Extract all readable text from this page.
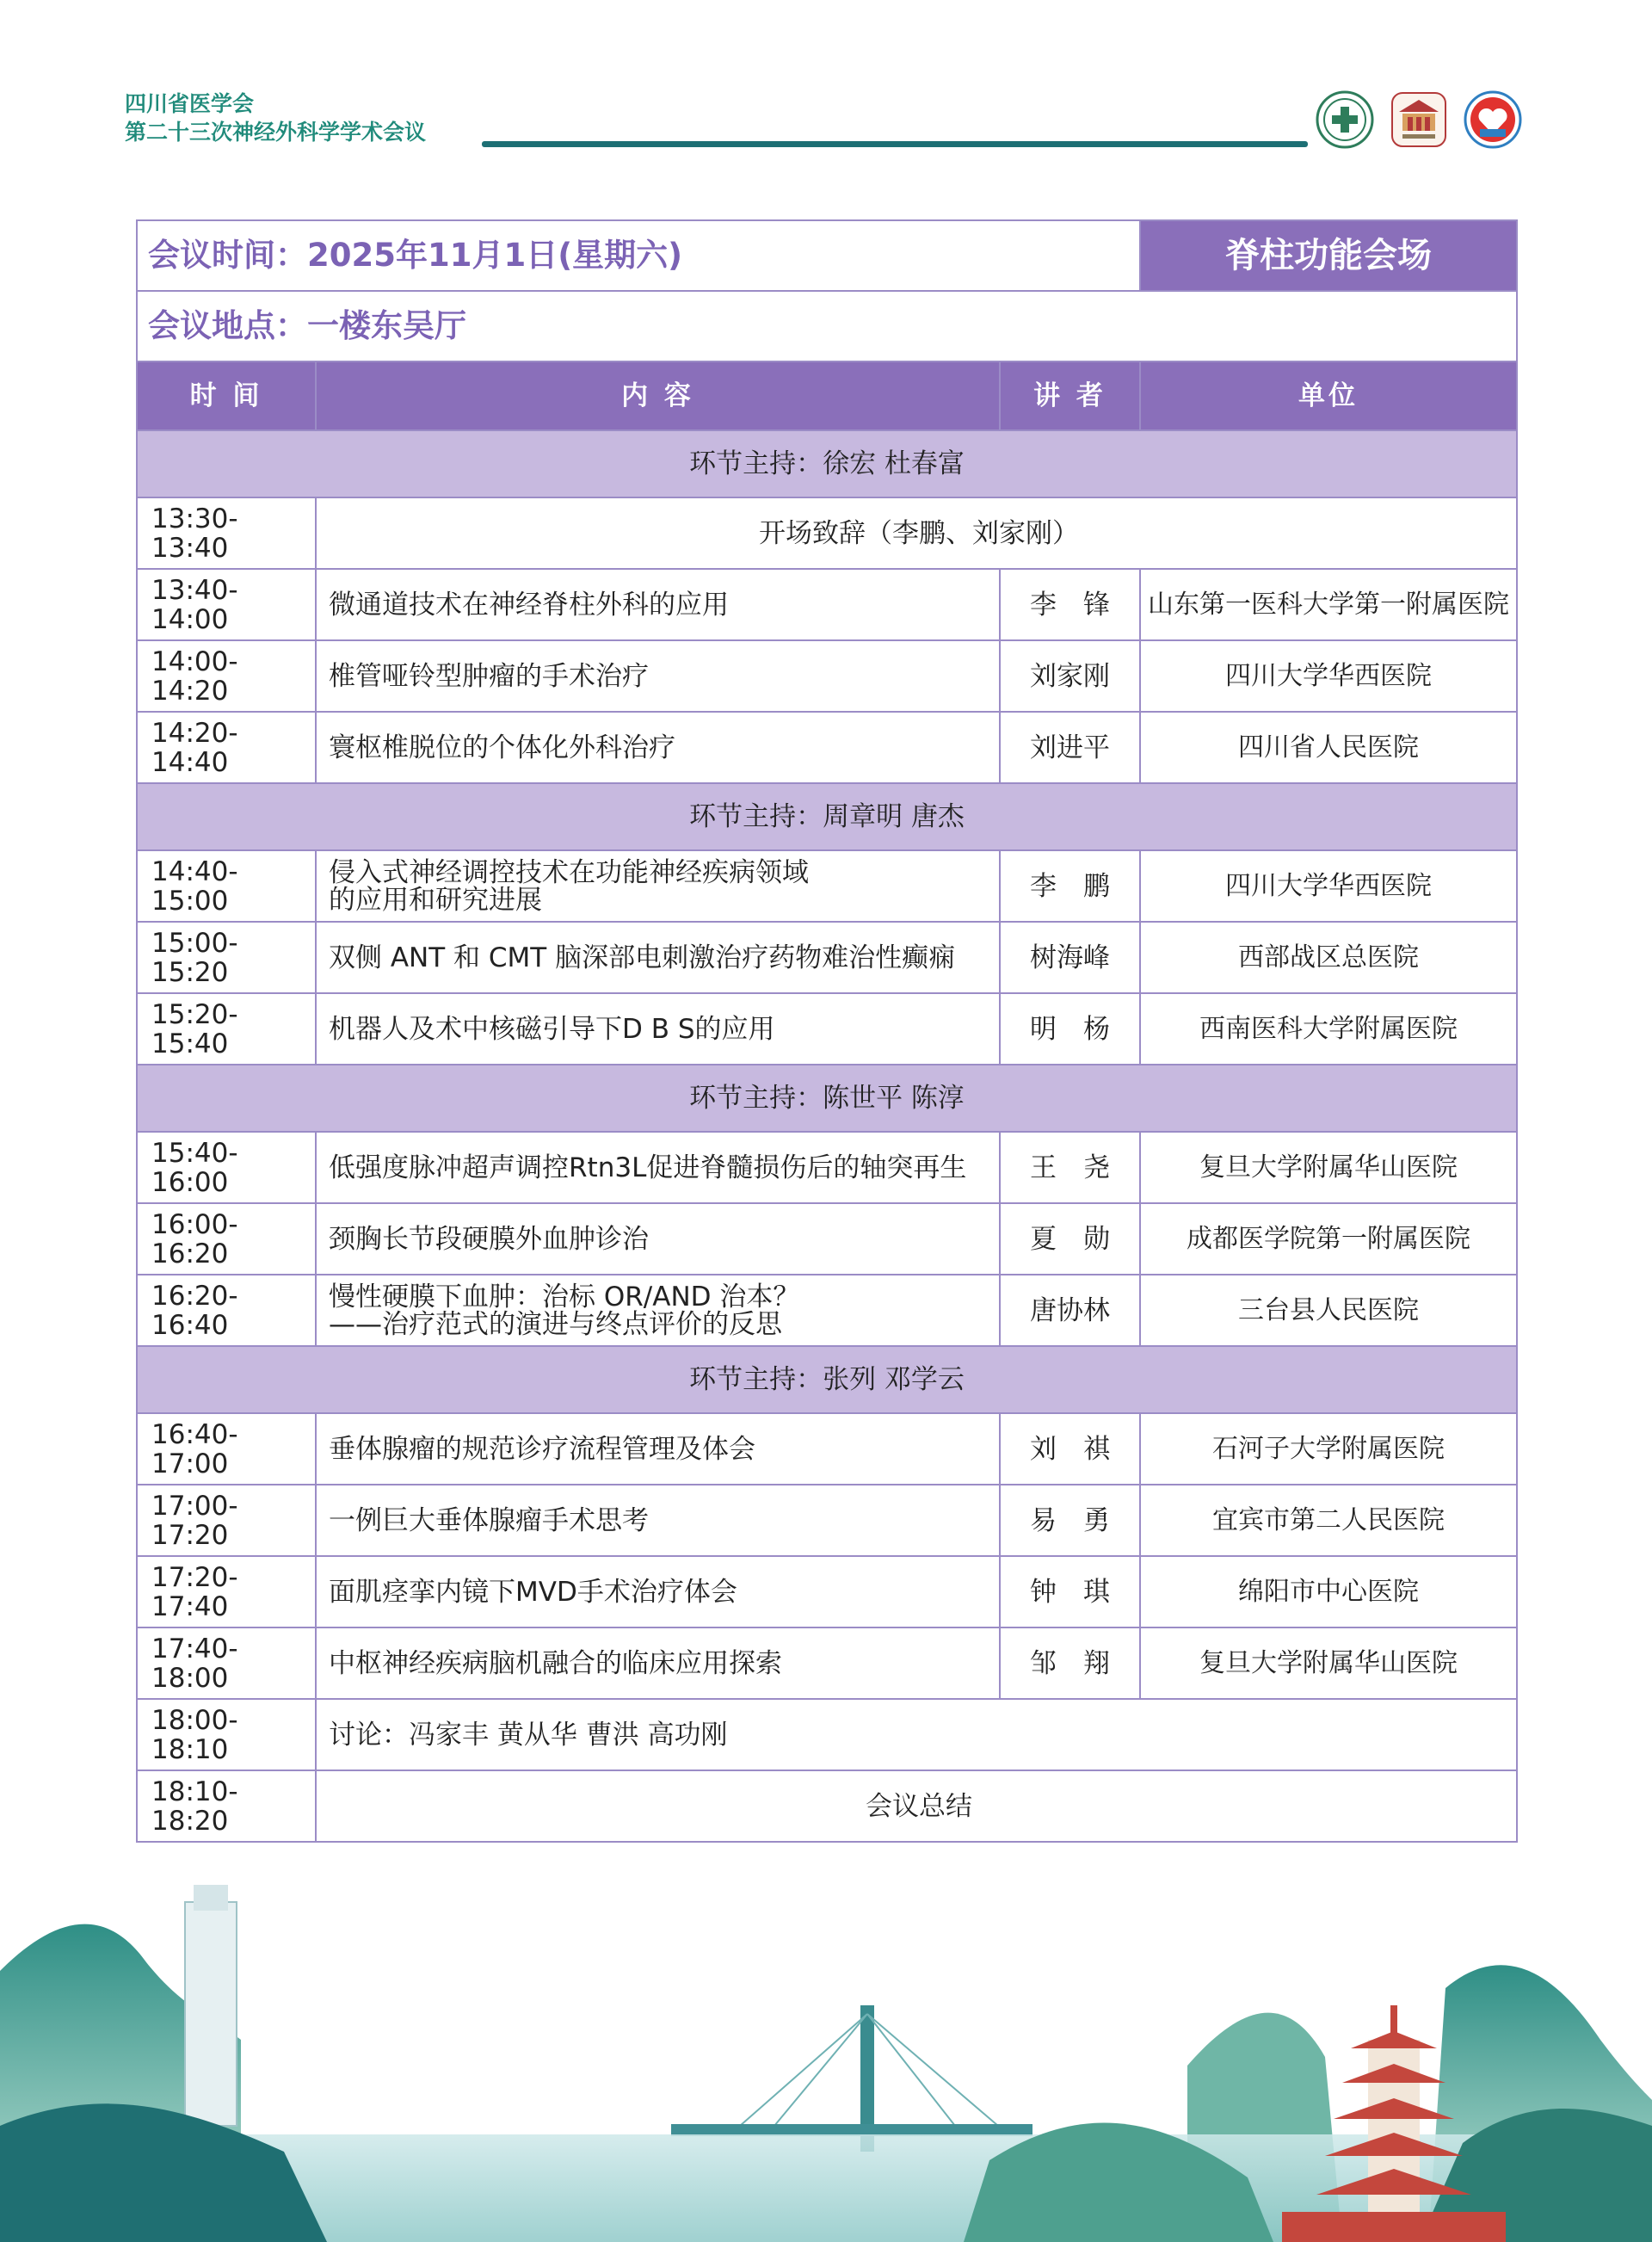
四川省医学会
第二十三次神经外科学学术会议
会议时间：2025年11月1日(星期六)			脊柱功能会场
会议地点：一楼东吴厅			
时 间	内 容	讲 者	单位
环节主持：徐宏 杜春富			
13:30-13:40	开场致辞（李鹏、刘家刚）		
13:40-14:00	微通道技术在神经脊柱外科的应用	李　锋	山东第一医科大学第一附属医院
14:00-14:20	椎管哑铃型肿瘤的手术治疗	刘家刚	四川大学华西医院
14:20-14:40	寰枢椎脱位的个体化外科治疗	刘进平	四川省人民医院
环节主持：周章明 唐杰			
14:40-15:00	侵入式神经调控技术在功能神经疾病领域
的应用和研究进展	李　鹏	四川大学华西医院
15:00-15:20	双侧 ANT 和 CMT 脑深部电刺激治疗药物难治性癫痫	树海峰	西部战区总医院
15:20-15:40	机器人及术中核磁引导下D B S的应用	明　杨	西南医科大学附属医院
环节主持：陈世平 陈淳			
15:40-16:00	低强度脉冲超声调控Rtn3L促进脊髓损伤后的轴突再生	王　尧	复旦大学附属华山医院
16:00-16:20	颈胸长节段硬膜外血肿诊治	夏　勋	成都医学院第一附属医院
16:20-16:40	慢性硬膜下血肿：治标 OR/AND 治本？
——治疗范式的演进与终点评价的反思	唐协林	三台县人民医院
环节主持：张列 邓学云			
16:40-17:00	垂体腺瘤的规范诊疗流程管理及体会	刘　祺	石河子大学附属医院
17:00-17:20	一例巨大垂体腺瘤手术思考	易　勇	宜宾市第二人民医院
17:20-17:40	面肌痉挛内镜下MVD手术治疗体会	钟　琪	绵阳市中心医院
17:40-18:00	中枢神经疾病脑机融合的临床应用探索	邹　翔	复旦大学附属华山医院
18:00-18:10	讨论：冯家丰 黄从华 曹洪 高功刚		
18:10-18:20	会议总结		
